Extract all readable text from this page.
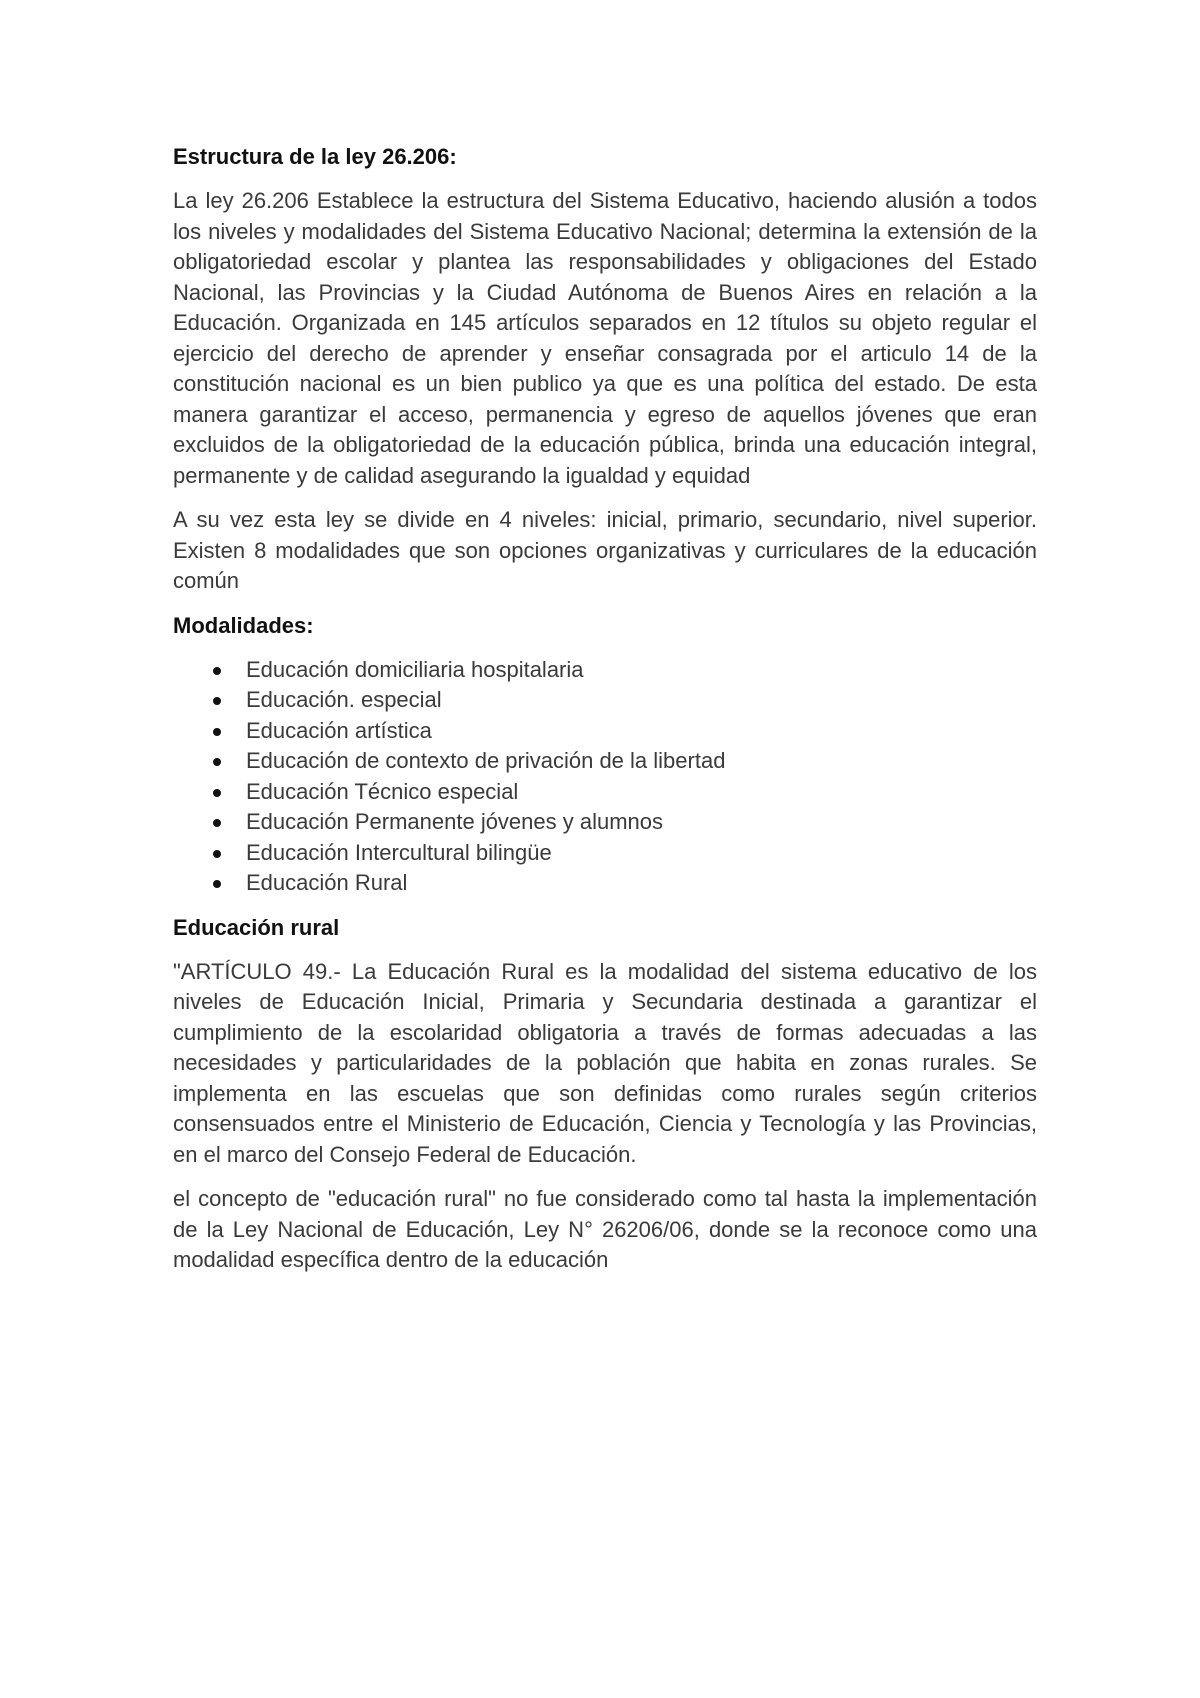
Estructura de la ley 26.206:

La ley 26.206 Establece la estructura del Sistema Educativo, haciendo alusión a todos los niveles y modalidades del Sistema Educativo Nacional; determina la extensión de la obligatoriedad escolar y plantea las responsabilidades y obligaciones del Estado Nacional, las Provincias y la Ciudad Autónoma de Buenos Aires en relación a la Educación. Organizada en 145 artículos separados en 12 títulos su objeto regular el ejercicio del derecho de aprender y enseñar consagrada por el articulo 14 de la constitución nacional es un bien publico ya que es una política del estado. De esta manera garantizar el acceso, permanencia y egreso de aquellos jóvenes que eran excluidos de la obligatoriedad de la educación pública, brinda una educación integral, permanente y de calidad asegurando la igualdad y equidad

A su vez esta ley se divide en 4 niveles: inicial, primario, secundario, nivel superior. Existen 8 modalidades que son opciones organizativas y curriculares de la educación común

Modalidades:
Educación domiciliaria hospitalaria
Educación. especial
Educación artística
Educación de contexto de privación de la libertad
Educación Técnico especial
Educación Permanente jóvenes y alumnos
Educación Intercultural bilingüe
Educación Rural
Educación rural

"ARTÍCULO 49.- La Educación Rural es la modalidad del sistema educativo de los niveles de Educación Inicial, Primaria y Secundaria destinada a garantizar el cumplimiento de la escolaridad obligatoria a través de formas adecuadas a las necesidades y particularidades de la población que habita en zonas rurales. Se implementa en las escuelas que son definidas como rurales según criterios consensuados entre el Ministerio de Educación, Ciencia y Tecnología y las Provincias, en el marco del Consejo Federal de Educación.

el concepto de "educación rural" no fue considerado como tal hasta la implementación de la Ley Nacional de Educación, Ley N° 26206/06, donde se la reconoce como una modalidad específica dentro de la educación
